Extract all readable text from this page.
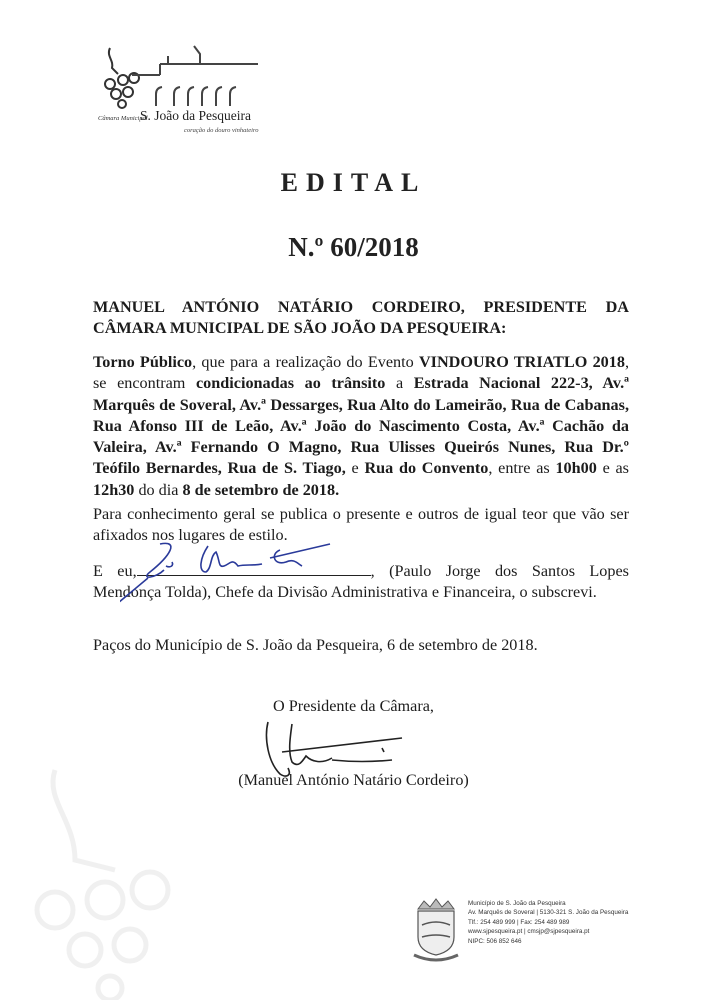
Câmara Municipal
S. João da Pesqueira
coração do douro vinhateiro
EDITAL
N.º 60/2018
MANUEL ANTÓNIO NATÁRIO CORDEIRO, PRESIDENTE DA CÂMARA MUNICIPAL DE SÃO JOÃO DA PESQUEIRA:
Torno Público, que para a realização do Evento VINDOURO TRIATLO 2018, se encontram condicionadas ao trânsito a Estrada Nacional 222-3, Av.ª Marquês de Soveral, Av.ª Dessarges, Rua Alto do Lameirão, Rua de Cabanas, Rua Afonso III de Leão, Av.ª João do Nascimento Costa, Av.ª Cachão da Valeira, Av.ª Fernando O Magno, Rua Ulisses Queirós Nunes, Rua Dr.º Teófilo Bernardes, Rua de S. Tiago, e Rua do Convento, entre as 10h00 e as 12h30 do dia 8 de setembro de 2018.
Para conhecimento geral se publica o presente e outros de igual teor que vão ser afixados nos lugares de estilo.
E eu,	, (Paulo Jorge dos Santos Lopes Mendonça Tolda), Chefe da Divisão Administrativa e Financeira, o subscrevi.
Paços do Município de S. João da Pesqueira, 6 de setembro de 2018.
O Presidente da Câmara,
(Manuel António Natário Cordeiro)
Município de S. João da Pesqueira
Av. Marquês de Soveral | 5130-321 S. João da Pesqueira
Tlf.: 254 489 999 | Fax: 254 489 989
www.sjpesqueira.pt | cmsjp@sjpesqueira.pt
NIPC: 506 852 646
